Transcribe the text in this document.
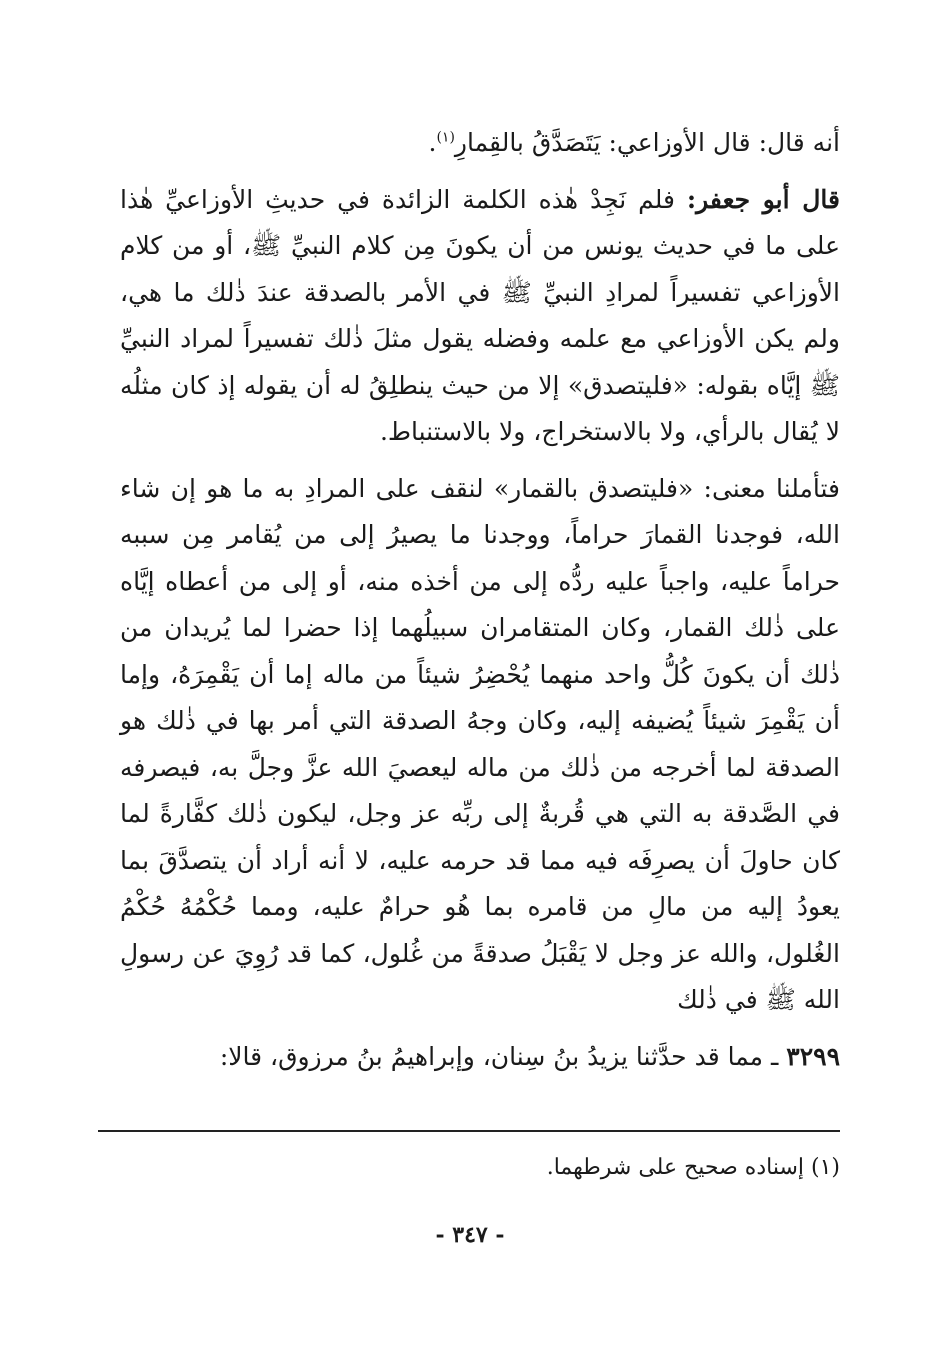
أنه قال: قال الأوزاعي: يَتَصَدَّقُ بالقِمارِ$^{(١)}$.

قال أبو جعفر: فلم نَجِدْ هٰذه الكلمة الزائدة في حديثِ الأوزاعيِّ هٰذا على ما في حديث يونس من أن يكونَ مِن كلام النبيِّ ﷺ، أو من كلام الأوزاعي تفسيراً لمرادِ النبيِّ ﷺ في الأمر بالصدقة عندَ ذٰلك ما هي، ولم يكن الأوزاعي مع علمه وفضله يقول مثلَ ذٰلك تفسيراً لمراد النبيِّ ﷺ إيَّاه بقوله: «فليتصدق» إلا من حيث ينطلِقُ له أن يقوله إذ كان مثلُه لا يُقال بالرأي، ولا بالاستخراج، ولا بالاستنباط.

فتأملنا معنى: «فليتصدق بالقمار» لنقف على المرادِ به ما هو إن شاء الله، فوجدنا القمارَ حراماً، ووجدنا ما يصيرُ إلى من يُقامر مِن سببه حراماً عليه، واجباً عليه ردُّه إلى من أخذه منه، أو إلى من أعطاه إيَّاه على ذٰلك القمار، وكان المتقامران سبيلُهما إذا حضرا لما يُريدان من ذٰلك أن يكونَ كُلُّ واحد منهما يُحْضِرُ شيئاً من ماله إما أن يَقْمِرَهُ، وإما أن يَقْمِرَ شيئاً يُضيفه إليه، وكان وجهُ الصدقة التي أمر بها في ذٰلك هو الصدقة لما أخرجه من ذٰلك من ماله ليعصيَ الله عزَّ وجلَّ به، فيصرفه في الصَّدقة به التي هي قُربةٌ إلى ربِّه عز وجل، ليكون ذٰلك كفَّارةً لما كان حاولَ أن يصرِفَه فيه مما قد حرمه عليه، لا أنه أراد أن يتصدَّقَ بما يعودُ إليه من مالِ من قامره بما هُو حرامٌ عليه، ومما حُكْمُهُ حُكْمُ الغُلول، والله عز وجل لا يَقْبَلُ صدقةً من غُلول، كما قد رُوِيَ عن رسولِ الله ﷺ في ذٰلك

٣٢٩٩ ـ مما قد حدَّثنا يزيدُ بنُ سِنان، وإبراهيمُ بنُ مرزوق، قالا:

(١) إسناده صحيح على شرطهما.
- ٣٤٧ -
